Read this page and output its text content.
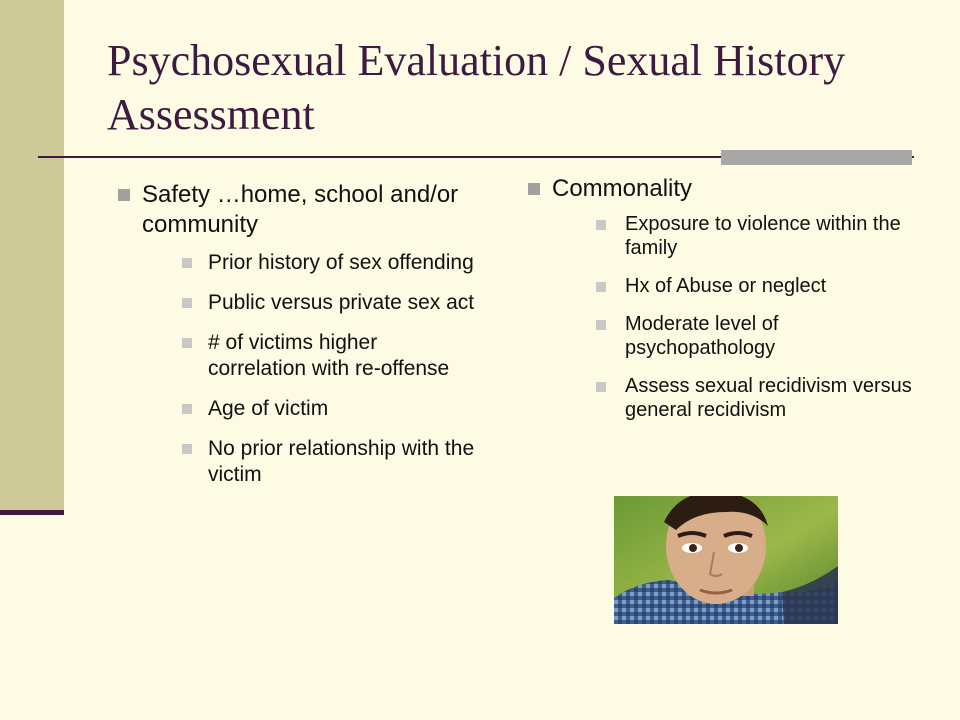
Psychosexual Evaluation / Sexual History Assessment
Safety …home, school and/or community
Prior history of sex offending
Public versus private sex act
# of victims higher correlation with re-offense
Age of victim
No prior relationship with the victim
Commonality
Exposure to violence within the family
Hx of Abuse or neglect
Moderate level of psychopathology
Assess sexual recidivism versus general recidivism
